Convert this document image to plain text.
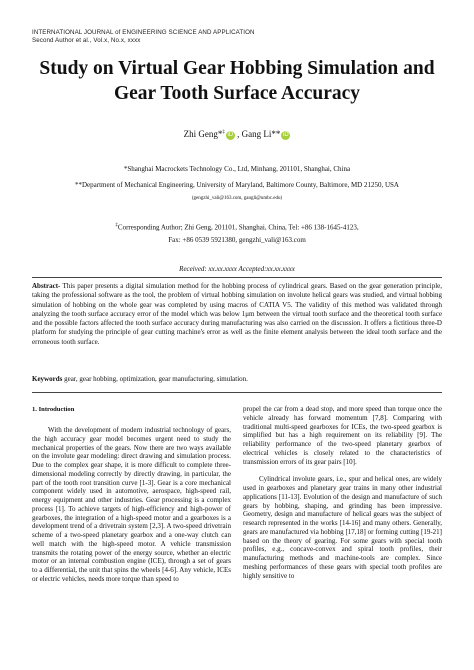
INTERNATIONAL JOURNAL of ENGINEERING SCIENCE AND APPLICATION
Second Author et al., Vol.x, No.x, xxxx
Study on Virtual Gear Hobbing Simulation and Gear Tooth Surface Accuracy
Zhi Geng*‡ iD , Gang Li** iD
*Shanghai Macrockets Technology Co., Ltd, Minhang, 201101, Shanghai, China
**Department of Mechanical Engineering, University of Maryland, Baltimore County, Baltimore, MD 21250, USA
(gengzhi_vali@163.com, gangli@umbc.edu)
‡Corresponding Author; Zhi Geng, 201101, Shanghai, China, Tel: +86 138-1645-4123,
Fax: +86 0539 5921380, gengzhi_vali@163.com
Received: xx.xx.xxxx Accepted:xx.xx.xxxx
Abstract- This paper presents a digital simulation method for the hobbing process of cylindrical gears. Based on the gear generation principle, taking the professional software as the tool, the problem of virtual hobbing simulation on involute helical gears was studied, and virtual hobbing simulation of hobbing on the whole gear was completed by using macros of CATIA V5. The validity of this method was validated through analyzing the tooth surface accuracy error of the model which was below 1μm between the virtual tooth surface and the theoretical tooth surface and the possible factors affected the tooth surface accuracy during manufacturing was also carried on the discussion. It offers a fictitious three-D platform for studying the principle of gear cutting machine's error as well as the finite element analysis between the ideal tooth surface and the erroneous tooth surface.
Keywords gear, gear hobbing, optimization, gear manufacturing, simulation.
1. Introduction

With the development of modern industrial technology of gears, the high accuracy gear model becomes urgent need to study the mechanical properties of the gears. Now there are two ways available on the involute gear modeling: direct drawing and simulation process. Due to the complex gear shape, it is more difficult to complete three-dimensional modeling correctly by directly drawing, in particular, the part of the tooth root transition curve [1-3]. Gear is a core mechanical component widely used in automotive, aerospace, high-speed rail, energy equipment and other industries. Gear processing is a complex process [1]. To achieve targets of high-efficiency and high-power of gearboxes, the integration of a high-speed motor and a gearboxes is a development trend of a drivetrain system [2,3]. A two-speed drivetrain scheme of a two-speed planetary gearbox and a one-way clutch can well match with the high-speed motor. A vehicle transmission transmits the rotating power of the energy source, whether an electric motor or an internal combustion engine (ICE), through a set of gears to a differential, the unit that spins the wheels [4-6]. Any vehicle, ICEs or electric vehicles, needs more torque than speed to

propel the car from a dead stop, and more speed than torque once the vehicle already has forward momentum [7,8]. Comparing with traditional multi-speed gearboxes for ICEs, the two-speed gearbox is simplified but has a high requirement on its reliability [9]. The reliability performance of the two-speed planetary gearbox of electrical vehicles is closely related to the characteristics of transmission errors of its gear pairs [10].

Cylindrical involute gears, i.e., spur and helical ones, are widely used in gearboxes and planetary gear trains in many other industrial applications [11-13]. Evolution of the design and manufacture of such gears by hobbing, shaping, and grinding has been impressive. Geometry, design and manufacture of helical gears was the subject of research represented in the works [14-16] and many others. Generally, gears are manufactured via hobbing [17,18] or forming cutting [19-21] based on the theory of gearing. For some gears with special tooth profiles, e.g., concave-convex and spiral tooth profiles, their manufacturing methods and machine-tools are complex. Since meshing performances of these gears with special tooth profiles are highly sensitive to
